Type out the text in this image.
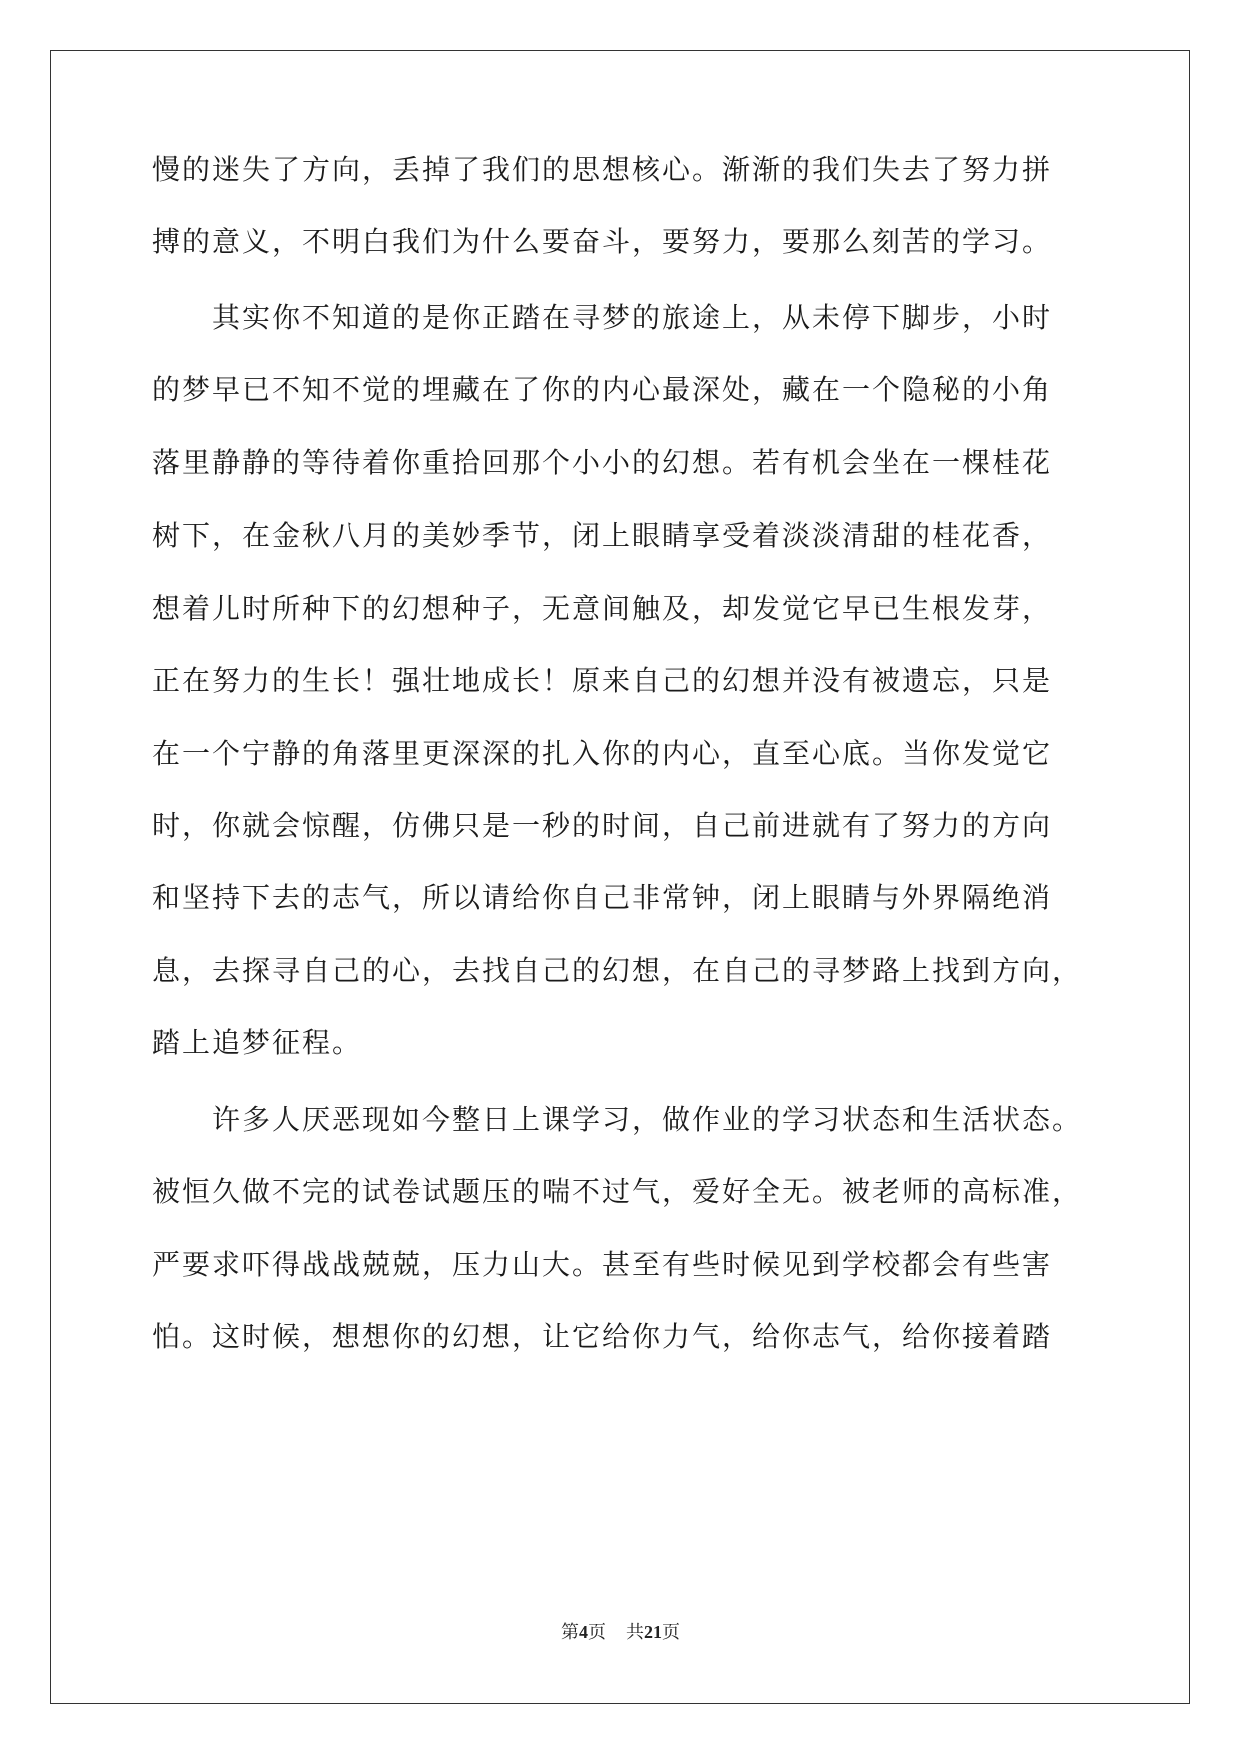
慢的迷失了方向，丢掉了我们的思想核心。渐渐的我们失去了努力拼
搏的意义，不明白我们为什么要奋斗，要努力，要那么刻苦的学习。
其实你不知道的是你正踏在寻梦的旅途上，从未停下脚步，小时
的梦早已不知不觉的埋藏在了你的内心最深处，藏在一个隐秘的小角
落里静静的等待着你重拾回那个小小的幻想。若有机会坐在一棵桂花
树下，在金秋八月的美妙季节，闭上眼睛享受着淡淡清甜的桂花香，
想着儿时所种下的幻想种子，无意间触及，却发觉它早已生根发芽，
正在努力的生长！强壮地成长！原来自己的幻想并没有被遗忘，只是
在一个宁静的角落里更深深的扎入你的内心，直至心底。当你发觉它
时，你就会惊醒，仿佛只是一秒的时间，自己前进就有了努力的方向
和坚持下去的志气，所以请给你自己非常钟，闭上眼睛与外界隔绝消
息，去探寻自己的心，去找自己的幻想，在自己的寻梦路上找到方向，
踏上追梦征程。
许多人厌恶现如今整日上课学习，做作业的学习状态和生活状态。
被恒久做不完的试卷试题压的喘不过气，爱好全无。被老师的高标准，
严要求吓得战战兢兢，压力山大。甚至有些时候见到学校都会有些害
怕。这时候，想想你的幻想，让它给你力气，给你志气，给你接着踏
第4页 共21页
